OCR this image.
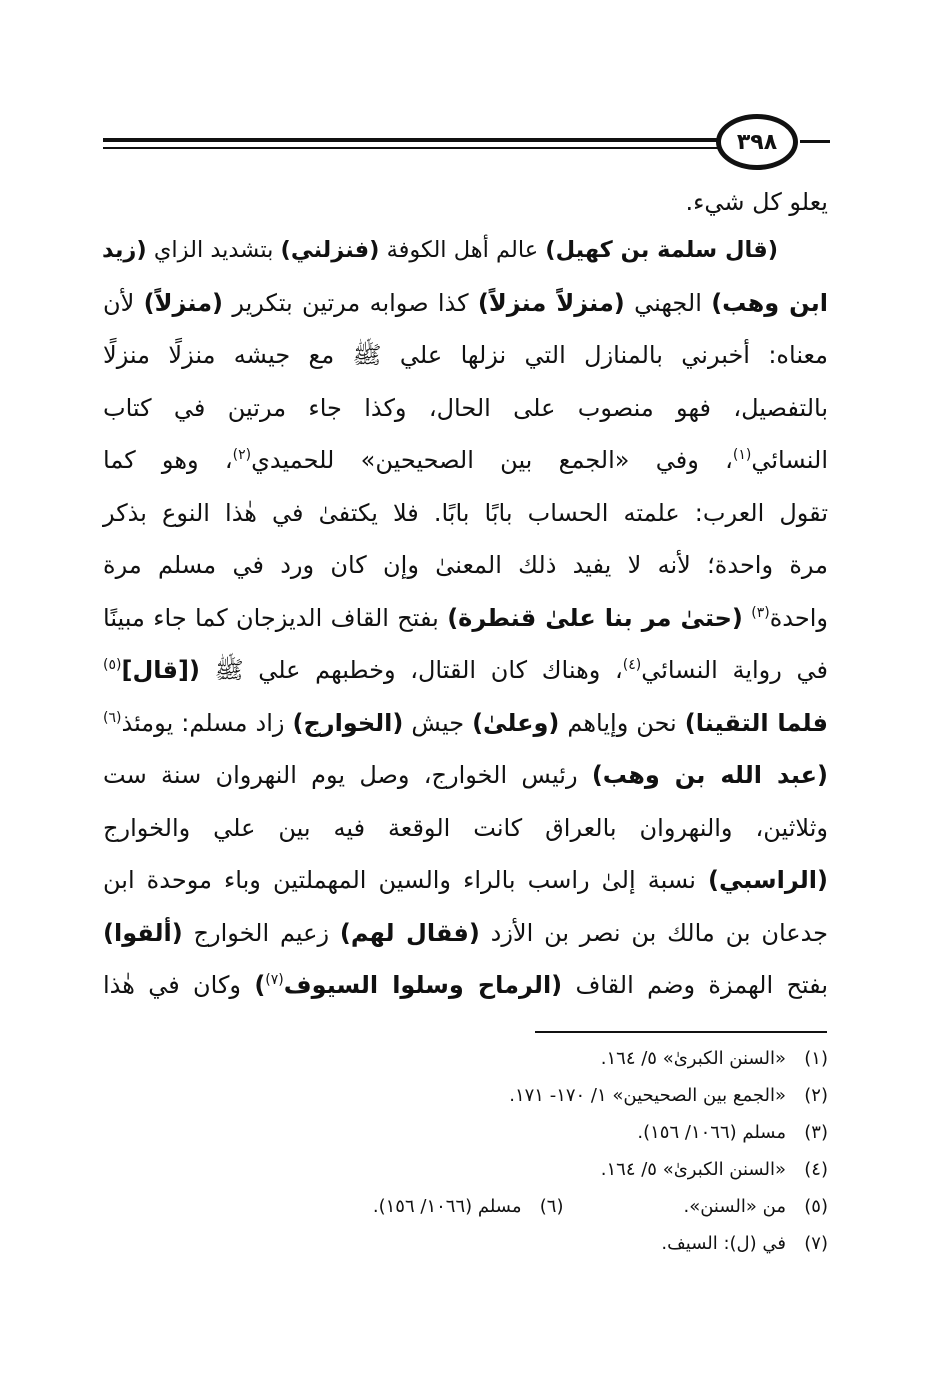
٣٩٨
يعلو كل شيء.
(قال سلمة بن كهيل) عالم أهل الكوفة (فنزلني) بتشديد الزاي (زيد
ابن وهب) الجهني (منزلاً منزلاً) كذا صوابه مرتين بتكرير (منزلاً) لأن
معناه: أخبرني بالمنازل التي نزلها علي ﷺ مع جيشه منزلًا منزلًا
بالتفصيل، فهو منصوب على الحال، وكذا جاء مرتين في كتاب
النسائي$^{(١)}$، وفي «الجمع بين الصحيحين» للحميدي$^{(٢)}$، وهو كما
تقول العرب: علمته الحساب بابًا بابًا. فلا يكتفىٰ في هٰذا النوع بذكر
مرة واحدة؛ لأنه لا يفيد ذلك المعنىٰ وإن كان ورد في مسلم مرة
واحدة$^{(٣)}$ (حتىٰ مر بنا علىٰ قنطرة) بفتح القاف الديزجان كما جاء مبينًا
في رواية النسائي$^{(٤)}$، وهناك كان القتال، وخطبهم علي ﷺ ([قال]$^{(٥)}$
فلما التقينا) نحن وإياهم (وعلىٰ) جيش (الخوارج) زاد مسلم: يومئذ$^{(٦)}$
(عبد الله بن وهب) رئيس الخوارج، وصل يوم النهروان سنة ست
وثلاثين، والنهروان بالعراق كانت الوقعة فيه بين علي والخوارج
(الراسبي) نسبة إلىٰ راسب بالراء والسين المهملتين وباء موحدة ابن
جدعان بن مالك بن نصر بن الأزد (فقال لهم) زعيم الخوارج (ألقوا)
بفتح الهمزة وضم القاف (الرماح وسلوا السيوف$^{(٧)}$) وكان في هٰذا
(١)«السنن الكبرىٰ» ٥/ ١٦٤.
(٢)«الجمع بين الصحيحين» ١/ ١٧٠- ١٧١.
(٣)مسلم (١٠٦٦/ ١٥٦).
(٤)«السنن الكبرىٰ» ٥/ ١٦٤.
(٥)من «السنن».(٦)مسلم (١٠٦٦/ ١٥٦).
(٧)في (ل): السيف.
